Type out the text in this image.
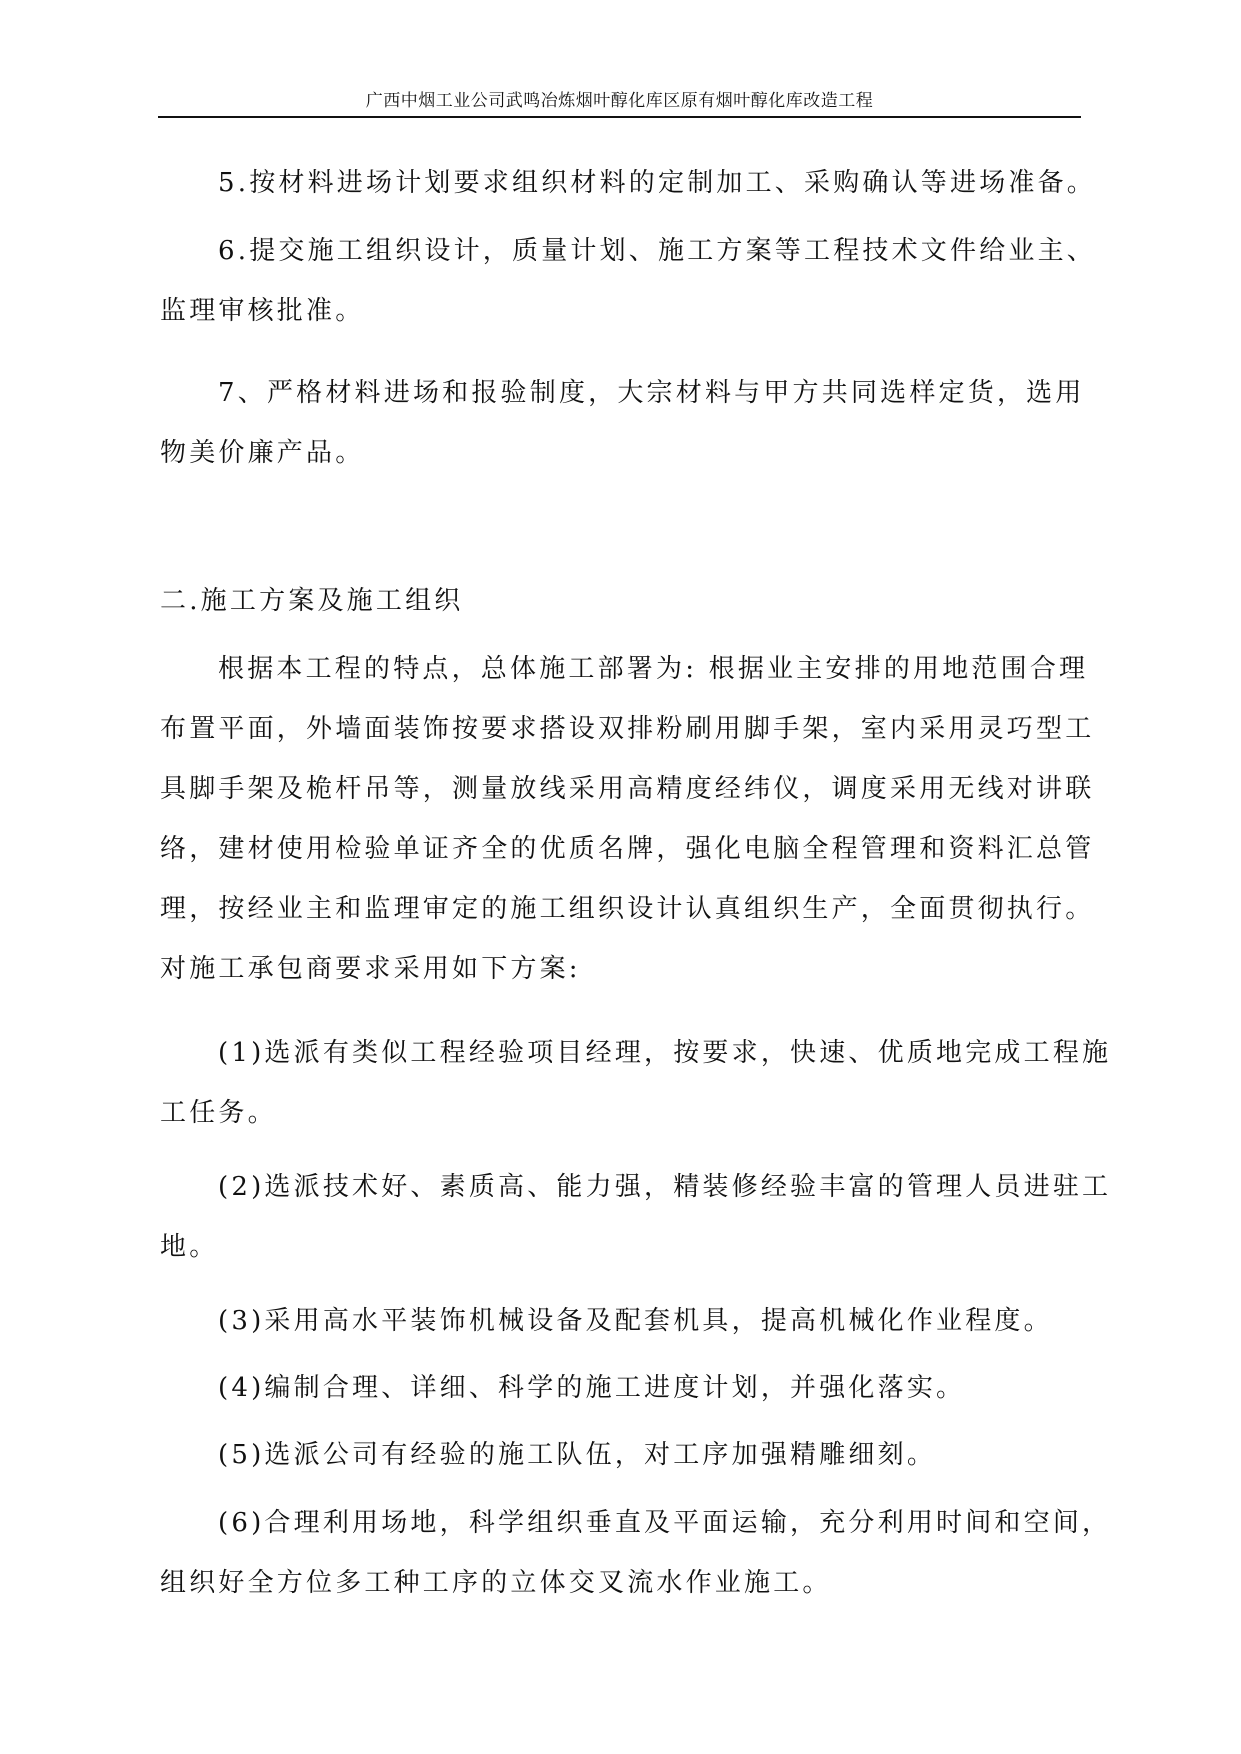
广西中烟工业公司武鸣冶炼烟叶醇化库区原有烟叶醇化库改造工程
5.按材料进场计划要求组织材料的定制加工、采购确认等进场准备。
6.提交施工组织设计，质量计划、施工方案等工程技术文件给业主、
监理审核批准。
7、严格材料进场和报验制度，大宗材料与甲方共同选样定货，选用
物美价廉产品。
二.施工方案及施工组织
根据本工程的特点，总体施工部署为: 根据业主安排的用地范围合理
布置平面，外墙面装饰按要求搭设双排粉刷用脚手架，室内采用灵巧型工
具脚手架及桅杆吊等，测量放线采用高精度经纬仪，调度采用无线对讲联
络，建材使用检验单证齐全的优质名牌，强化电脑全程管理和资料汇总管
理，按经业主和监理审定的施工组织设计认真组织生产，全面贯彻执行。
对施工承包商要求采用如下方案:
(1)选派有类似工程经验项目经理，按要求，快速、优质地完成工程施
工任务。
(2)选派技术好、素质高、能力强，精装修经验丰富的管理人员进驻工
地。
(3)采用高水平装饰机械设备及配套机具，提高机械化作业程度。
(4)编制合理、详细、科学的施工进度计划，并强化落实。
(5)选派公司有经验的施工队伍，对工序加强精雕细刻。
(6)合理利用场地，科学组织垂直及平面运输，充分利用时间和空间，
组织好全方位多工种工序的立体交叉流水作业施工。
